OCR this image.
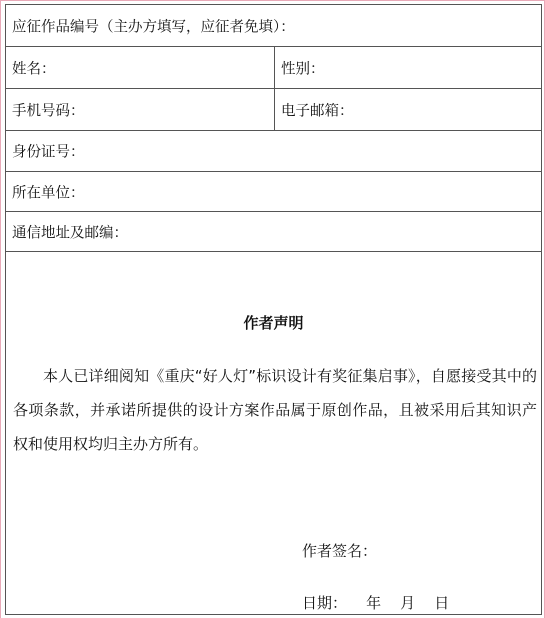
应征作品编号（主办方填写，应征者免填）：
姓名：	性别：
手机号码：	电子邮箱：
身份证号：
所在单位：
通信地址及邮编：
作者声明
本人已详细阅知《重庆“好人灯”标识设计有奖征集启事》，自愿接受其中的各项条款，并承诺所提供的设计方案作品属于原创作品，且被采用后其知识产权和使用权均归主办方所有。
作者签名：
日期：    年    月    日
